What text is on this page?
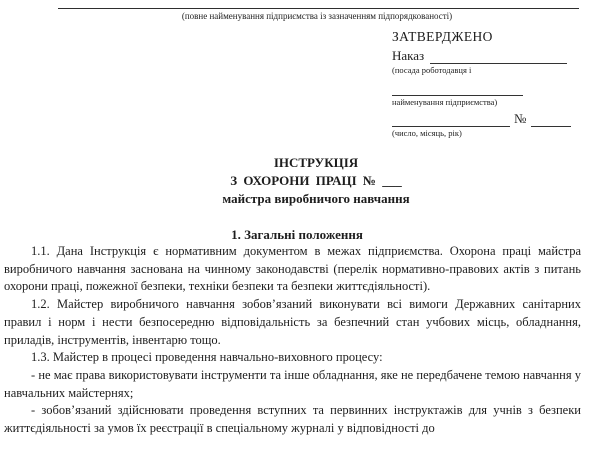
(повне найменування підприємства із зазначенням підпорядкованості)
ЗАТВЕРДЖЕНО
Наказ
(посада роботодавця і
найменування підприємства)
№
(число, місяць, рік)
ІНСТРУКЦІЯ
З ОХОРОНИ ПРАЦІ № ___
майстра виробничого навчання
1. Загальні положення

1.1. Дана Інструкція є нормативним документом в межах підприємства. Охорона праці майстра виробничого навчання заснована на чинному законодавстві (перелік нормативно-правових актів з питань охорони праці, пожежної безпеки, техніки безпеки та безпеки життєдіяльності).

1.2. Майстер виробничого навчання зобов’язаний виконувати всі вимоги Державних санітарних правил і норм і нести безпосередню відповідальність за безпечний стан учбових місць, обладнання, приладів, інструментів, інвентарю тощо.

1.3. Майстер в процесі проведення навчально-виховного процесу:

- не має права використовувати інструменти та інше обладнання, яке не передбачене темою навчання у навчальних майстернях;

- зобов’язаний здійснювати проведення вступних та первинних інструктажів для учнів з безпеки життєдіяльності за умов їх реєстрації в спеціальному журналі у відповідності до
